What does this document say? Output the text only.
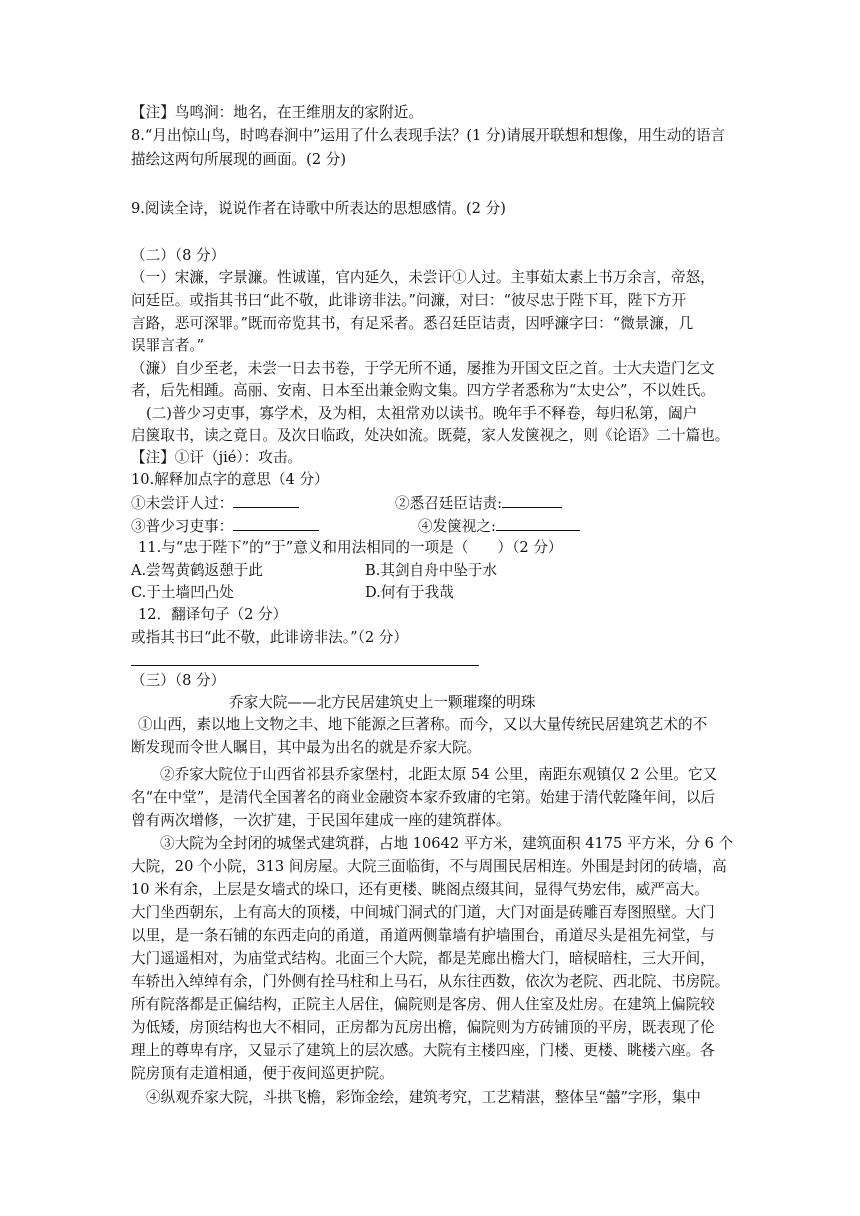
【注】鸟鸣涧：地名，在王维朋友的家附近。
8.“月出惊山鸟，时鸣春涧中”运用了什么表现手法？(1 分)请展开联想和想像，用生动的语言
描绘这两句所展现的画面。(2 分)
9.阅读全诗，说说作者在诗歌中所表达的思想感情。(2 分)
（二）（8 分）
（一）宋濂，字景濂。性诚谨，官内延久，未尝讦①人过。主事茹太素上书万余言，帝怒，
问廷臣。或指其书曰“此不敬，此诽谤非法。”问濂，对曰：“彼尽忠于陛下耳，陛下方开
言路，恶可深罪。”既而帝览其书，有足采者。悉召廷臣诘责，因呼濂字曰：“微景濂，几
误罪言者。”
（濂）自少至老，未尝一日去书卷，于学无所不通，屡推为开国文臣之首。士大夫造门乞文
者，后先相踵。高丽、安南、日本至出兼金购文集。四方学者悉称为“太史公”，不以姓氏。
(二)普少习吏事，寡学术，及为相，太祖常劝以读书。晚年手不释卷，每归私第，阖户
启箧取书，读之竟日。及次日临政，处决如流。既薨，家人发箧视之，则《论语》二十篇也。
【注】①讦（jié）：攻击。
10.解释加点字的意思（4 分）
①未尝讦人过：	②悉召廷臣诘责:
③普少习吏事：	④发箧视之:
11.与“忠于陛下”的“于”意义和用法相同的一项是（　　）（2 分）
A.尝驾黄鹤返憩于此	B.其剑自舟中坠于水
C.于土墙凹凸处	D.何有于我哉
12．翻译句子（2 分）
或指其书曰“此不敬，此诽谤非法。”（2 分）
（三）（8 分）
乔家大院——北方民居建筑史上一颗璀璨的明珠
①山西，素以地上文物之丰、地下能源之巨著称。而今，又以大量传统民居建筑艺术的不
断发现而令世人瞩目，其中最为出名的就是乔家大院。
②乔家大院位于山西省祁县乔家堡村，北距太原 54 公里，南距东观镇仅 2 公里。它又
名“在中堂”，是清代全国著名的商业金融资本家乔致庸的宅第。始建于清代乾隆年间，以后
曾有两次增修，一次扩建，于民国年建成一座的建筑群体。
③大院为全封闭的城堡式建筑群，占地 10642 平方米，建筑面积 4175 平方米，分 6 个
大院，20 个小院，313 间房屋。大院三面临街，不与周围民居相连。外围是封闭的砖墙，高
10 米有余，上层是女墙式的垛口，还有更楼、眺阁点缀其间，显得气势宏伟，威严高大。
大门坐西朝东，上有高大的顶楼，中间城门洞式的门道，大门对面是砖雕百寿图照壁。大门
以里，是一条石铺的东西走向的甬道，甬道两侧靠墙有护墙围台，甬道尽头是祖先祠堂，与
大门遥遥相对，为庙堂式结构。北面三个大院，都是芜廊出檐大门，暗棂暗柱，三大开间，
车轿出入绰绰有余，门外侧有拴马柱和上马石，从东往西数，依次为老院、西北院、书房院。
所有院落都是正偏结构，正院主人居住，偏院则是客房、佣人住室及灶房。在建筑上偏院较
为低矮，房顶结构也大不相同，正房都为瓦房出檐，偏院则为方砖铺顶的平房，既表现了伦
理上的尊卑有序，又显示了建筑上的层次感。大院有主楼四座，门楼、更楼、眺楼六座。各
院房顶有走道相通，便于夜间巡更护院。
④纵观乔家大院，斗拱飞檐，彩饰金绘，建筑考究，工艺精湛，整体呈“囍”字形，集中
